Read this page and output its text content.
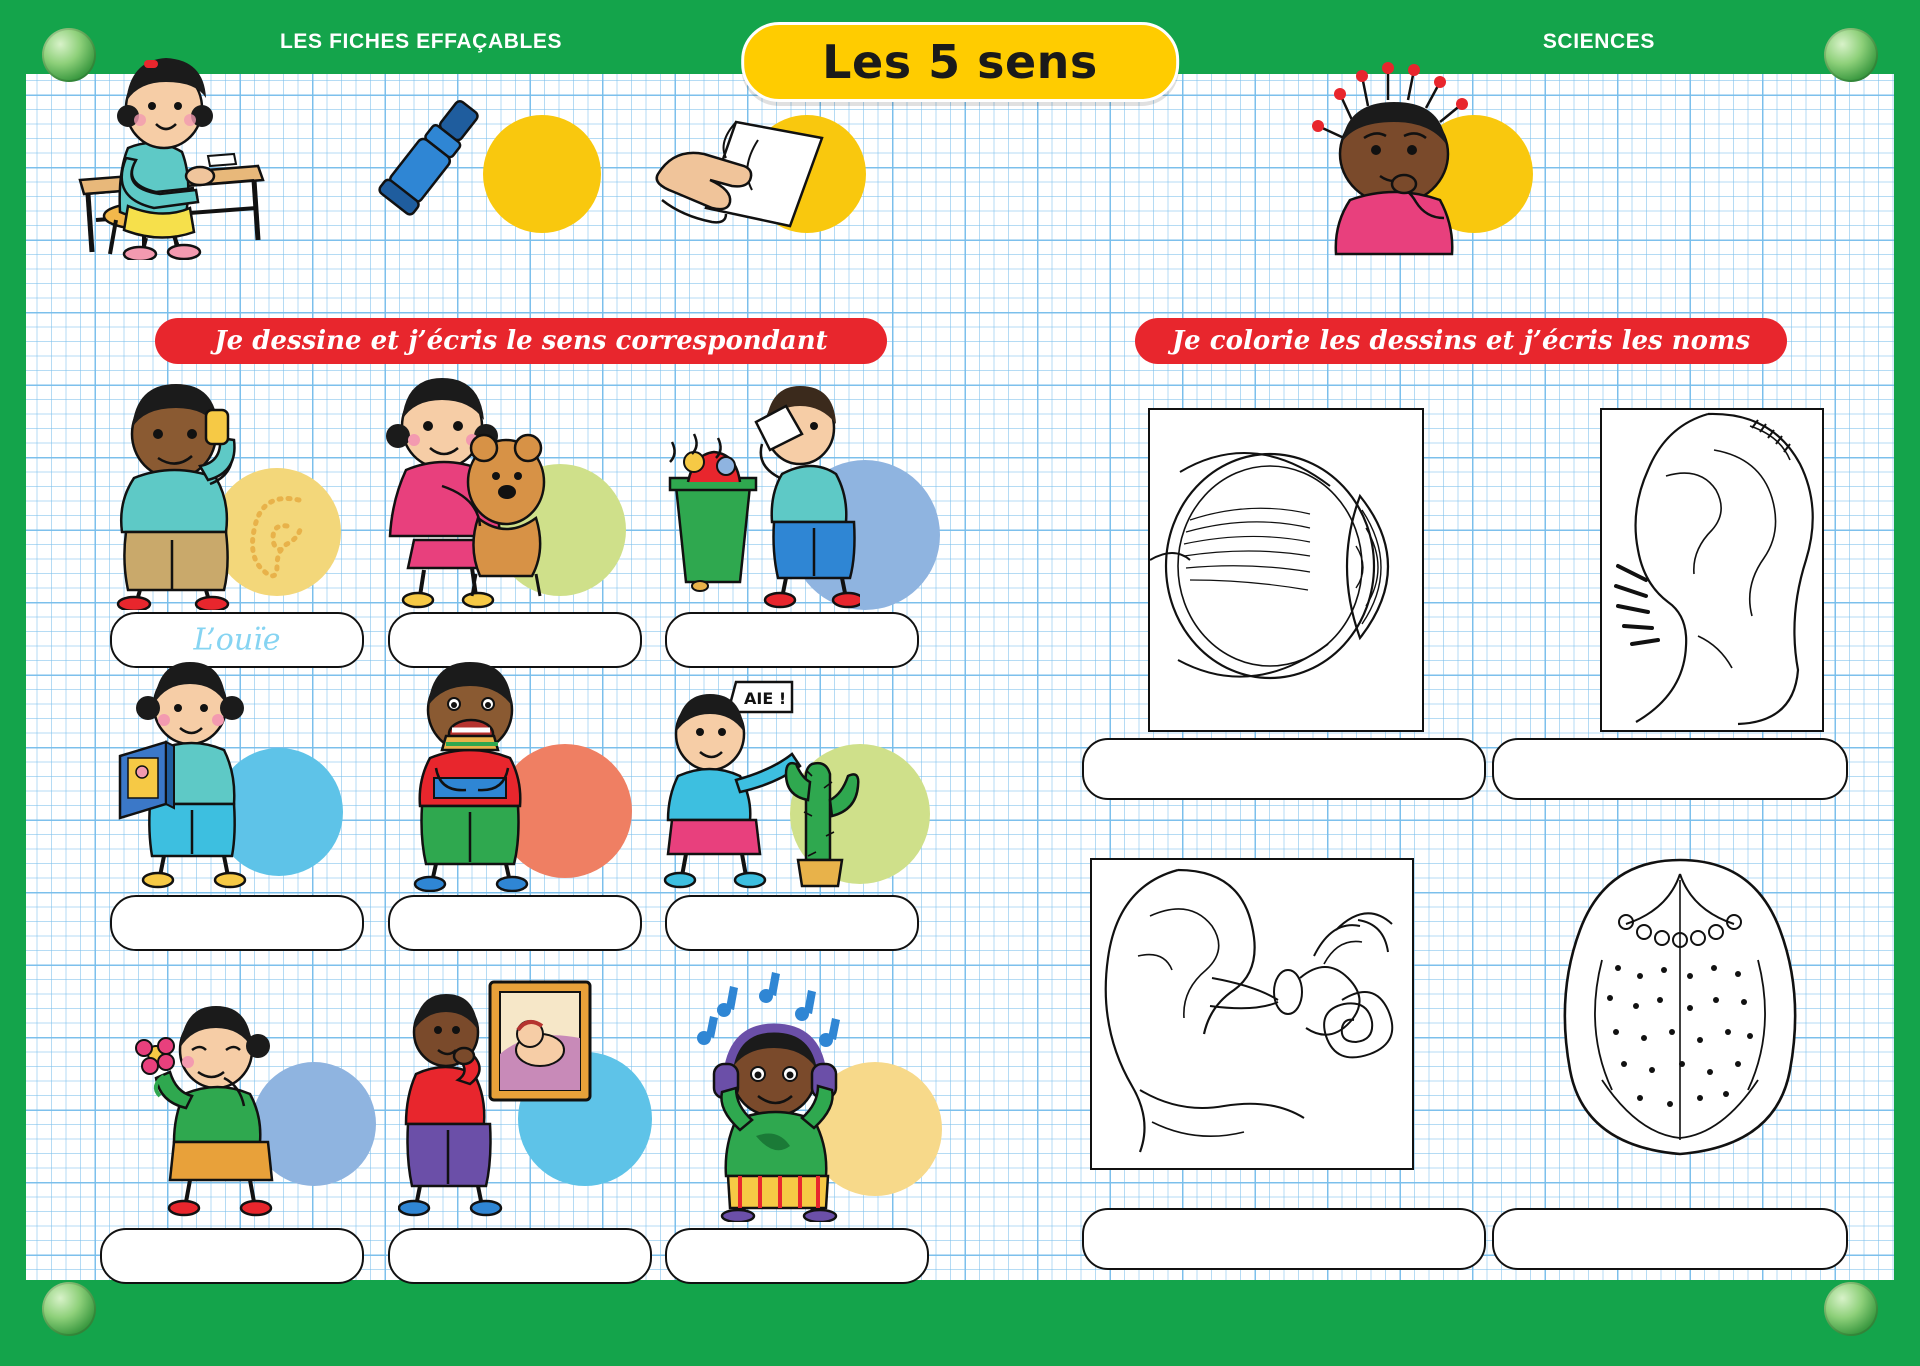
LES FICHES EFFAÇABLES	SCIENCES
Les 5 sens
Je dessine et j’écris le sens correspondant	Je colorie les dessins et j’écris les noms
L’ouïe
AIE !
